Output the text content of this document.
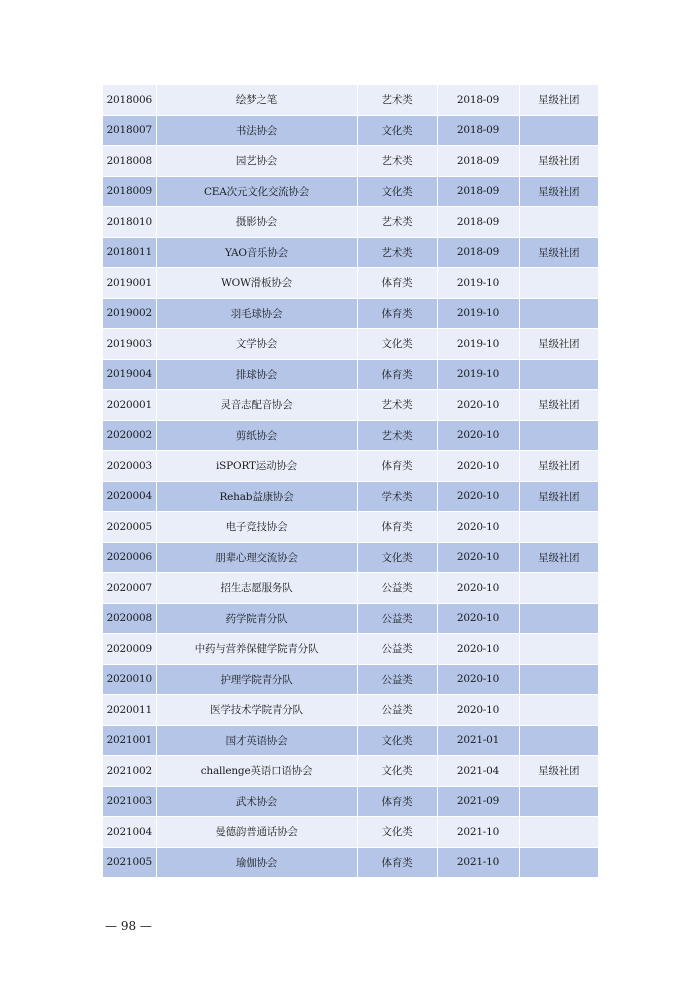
2018006	绘梦之笔	艺术类	2018-09	星级社团
2018007	书法协会	文化类	2018-09	
2018008	园艺协会	艺术类	2018-09	星级社团
2018009	CEA次元文化交流协会	文化类	2018-09	星级社团
2018010	摄影协会	艺术类	2018-09	
2018011	YAO音乐协会	艺术类	2018-09	星级社团
2019001	WOW滑板协会	体育类	2019-10	
2019002	羽毛球协会	体育类	2019-10	
2019003	文学协会	文化类	2019-10	星级社团
2019004	排球协会	体育类	2019-10	
2020001	灵音志配音协会	艺术类	2020-10	星级社团
2020002	剪纸协会	艺术类	2020-10	
2020003	iSPORT运动协会	体育类	2020-10	星级社团
2020004	Rehab益康协会	学术类	2020-10	星级社团
2020005	电子竞技协会	体育类	2020-10	
2020006	朋辈心理交流协会	文化类	2020-10	星级社团
2020007	招生志愿服务队	公益类	2020-10	
2020008	药学院青分队	公益类	2020-10	
2020009	中药与营养保健学院青分队	公益类	2020-10	
2020010	护理学院青分队	公益类	2020-10	
2020011	医学技术学院青分队	公益类	2020-10	
2021001	国才英语协会	文化类	2021-01	
2021002	challenge英语口语协会	文化类	2021-04	星级社团
2021003	武术协会	体育类	2021-09	
2021004	曼德韵普通话协会	文化类	2021-10	
2021005	瑜伽协会	体育类	2021-10	
— 98 —
